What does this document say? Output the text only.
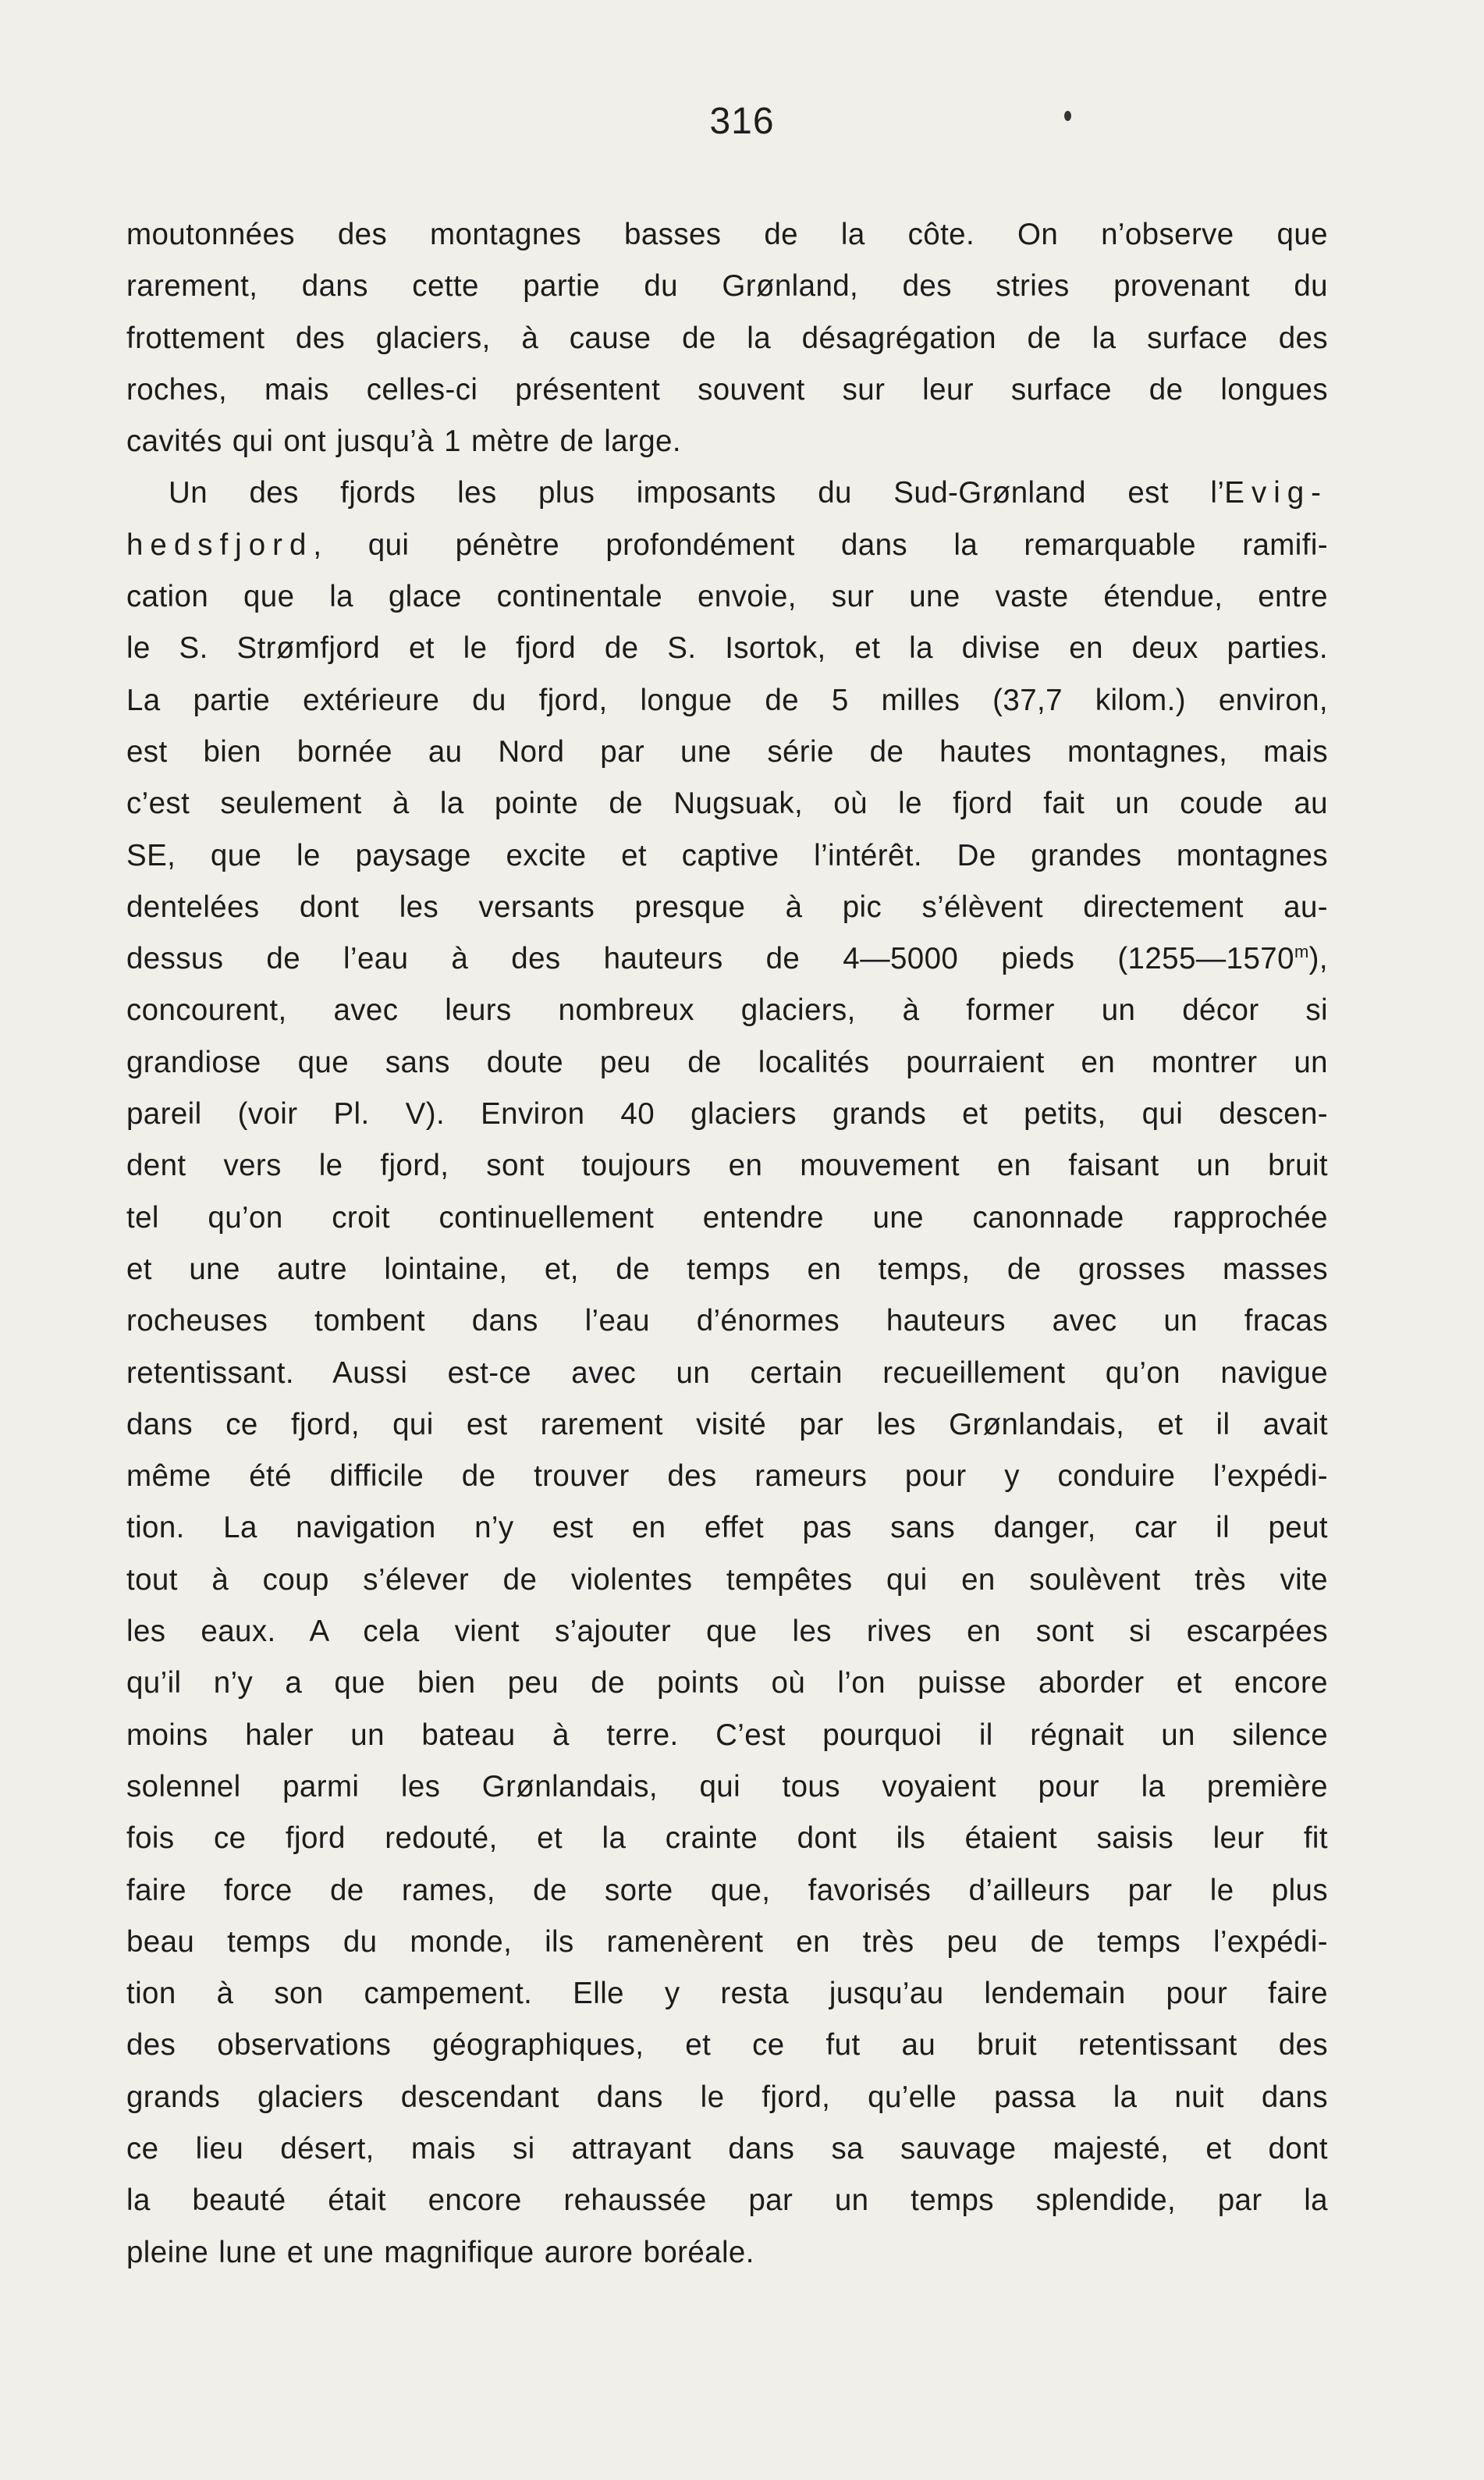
316
moutonnées des montagnes basses de la côte. On n’observe que
rarement, dans cette partie du Grønland, des stries provenant du
frottement des glaciers, à cause de la désagrégation de la surface des
roches, mais celles-ci présentent souvent sur leur surface de longues
cavités qui ont jusqu’à 1 mètre de large.
Un des fjords les plus imposants du Sud-Grønland est l’Evig-
hedsfjord, qui pénètre profondément dans la remarquable ramifi-
cation que la glace continentale envoie, sur une vaste étendue, entre
le S. Strømfjord et le fjord de S. Isortok, et la divise en deux parties.
La partie extérieure du fjord, longue de 5 milles (37,7 kilom.) environ,
est bien bornée au Nord par une série de hautes montagnes, mais
c’est seulement à la pointe de Nugsuak, où le fjord fait un coude au
SE, que le paysage excite et captive l’intérêt. De grandes montagnes
dentelées dont les versants presque à pic s’élèvent directement au-
dessus de l’eau à des hauteurs de 4—5000 pieds (1255—1570$^m$),
concourent, avec leurs nombreux glaciers, à former un décor si
grandiose que sans doute peu de localités pourraient en montrer un
pareil (voir Pl. V). Environ 40 glaciers grands et petits, qui descen-
dent vers le fjord, sont toujours en mouvement en faisant un bruit
tel qu’on croit continuellement entendre une canonnade rapprochée
et une autre lointaine, et, de temps en temps, de grosses masses
rocheuses tombent dans l’eau d’énormes hauteurs avec un fracas
retentissant. Aussi est-ce avec un certain recueillement qu’on navigue
dans ce fjord, qui est rarement visité par les Grønlandais, et il avait
même été difficile de trouver des rameurs pour y conduire l’expédi-
tion. La navigation n’y est en effet pas sans danger, car il peut
tout à coup s’élever de violentes tempêtes qui en soulèvent très vite
les eaux. A cela vient s’ajouter que les rives en sont si escarpées
qu’il n’y a que bien peu de points où l’on puisse aborder et encore
moins haler un bateau à terre. C’est pourquoi il régnait un silence
solennel parmi les Grønlandais, qui tous voyaient pour la première
fois ce fjord redouté, et la crainte dont ils étaient saisis leur fit
faire force de rames, de sorte que, favorisés d’ailleurs par le plus
beau temps du monde, ils ramenèrent en très peu de temps l’expédi-
tion à son campement. Elle y resta jusqu’au lendemain pour faire
des observations géographiques, et ce fut au bruit retentissant des
grands glaciers descendant dans le fjord, qu’elle passa la nuit dans
ce lieu désert, mais si attrayant dans sa sauvage majesté, et dont
la beauté était encore rehaussée par un temps splendide, par la
pleine lune et une magnifique aurore boréale.
